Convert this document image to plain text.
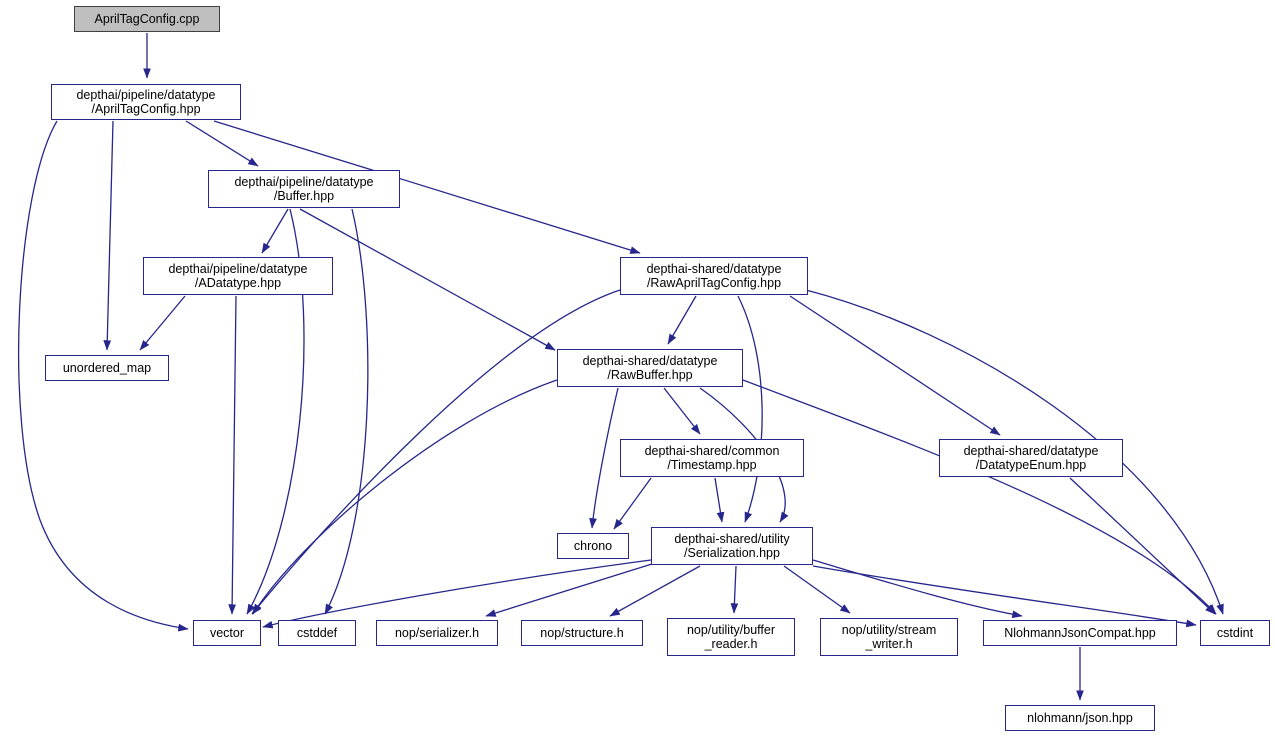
AprilTagConfig.cpp
depthai/pipeline/datatype
/AprilTagConfig.hpp
depthai/pipeline/datatype
/Buffer.hpp
depthai/pipeline/datatype
/ADatatype.hpp
depthai-shared/datatype
/RawAprilTagConfig.hpp
unordered_map	depthai-shared/datatype
/RawBuffer.hpp
depthai-shared/common
/Timestamp.hpp
depthai-shared/datatype
/DatatypeEnum.hpp
chrono	depthai-shared/utility
/Serialization.hpp
vector	cstddef	nop/serializer.h	nop/structure.h	nop/utility/buffer
_reader.h
nop/utility/stream
_writer.h
NlohmannJsonCompat.hpp	cstdint
nlohmann/json.hpp
